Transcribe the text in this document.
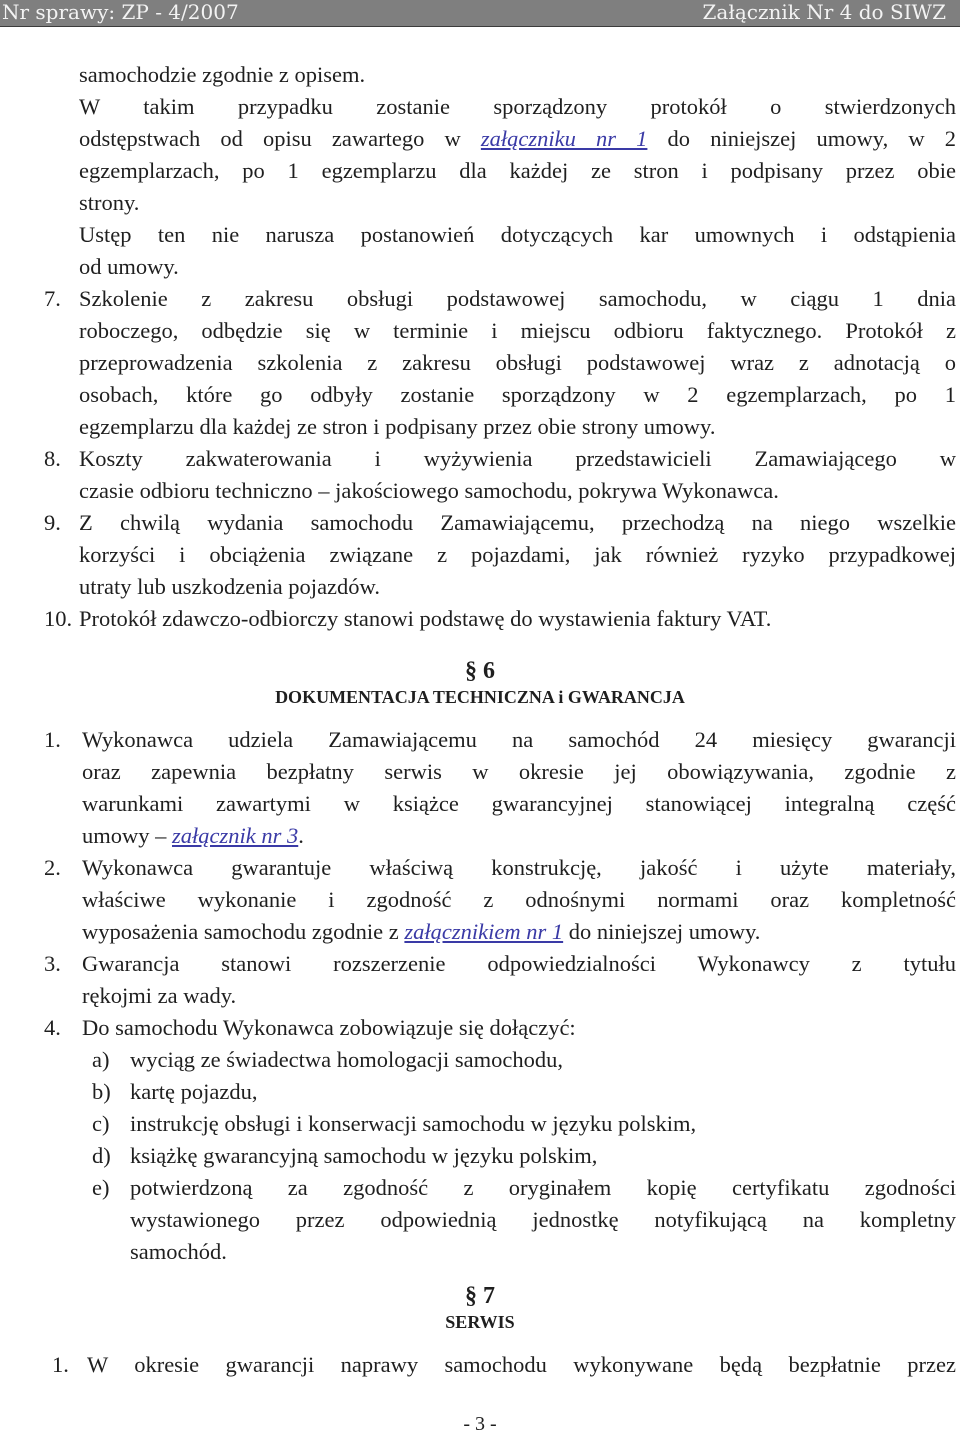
Nr sprawy: ZP - 4/2007	Załącznik Nr 4 do SIWZ

samochodzie zgodnie z opisem.

W takim przypadku zostanie sporządzony protokół o stwierdzonych

odstępstwach od opisu zawartego w załączniku nr 1 do niniejszej umowy, w 2

egzemplarzach, po 1 egzemplarzu dla każdej ze stron i podpisany przez obie

strony.

Ustęp ten nie narusza postanowień dotyczących kar umownych i odstąpienia

od umowy.

7. Szkolenie z zakresu obsługi podstawowej samochodu, w ciągu 1 dnia

roboczego, odbędzie się w terminie i miejscu odbioru faktycznego. Protokół z

przeprowadzenia szkolenia z zakresu obsługi podstawowej wraz z adnotacją o

osobach, które go odbyły zostanie sporządzony w 2 egzemplarzach, po 1

egzemplarzu dla każdej ze stron i podpisany przez obie strony umowy.

8. Koszty zakwaterowania i wyżywienia przedstawicieli Zamawiającego w

czasie odbioru techniczno – jakościowego samochodu, pokrywa Wykonawca.

9. Z chwilą wydania samochodu Zamawiającemu, przechodzą na niego wszelkie

korzyści i obciążenia związane z pojazdami, jak również ryzyko przypadkowej

utraty lub uszkodzenia pojazdów.

10. Protokół zdawczo-odbiorczy stanowi podstawę do wystawienia faktury VAT.

§ 6

DOKUMENTACJA TECHNICZNA i GWARANCJA

1. Wykonawca udziela Zamawiającemu na samochód 24 miesięcy gwarancji

oraz zapewnia bezpłatny serwis w okresie jej obowiązywania, zgodnie z

warunkami zawartymi w książce gwarancyjnej stanowiącej integralną część

umowy – załącznik nr 3.

2. Wykonawca gwarantuje właściwą konstrukcję, jakość i użyte materiały,

właściwe wykonanie i zgodność z odnośnymi normami oraz kompletność

wyposażenia samochodu zgodnie z załącznikiem nr 1 do niniejszej umowy.

3. Gwarancja stanowi rozszerzenie odpowiedzialności Wykonawcy z tytułu

rękojmi za wady.

4. Do samochodu Wykonawca zobowiązuje się dołączyć:
a) wyciąg ze świadectwa homologacji samochodu,
b) kartę pojazdu,
c) instrukcję obsługi i konserwacji samochodu w języku polskim,
d) książkę gwarancyjną samochodu w języku polskim,
e) potwierdzoną za zgodność z oryginałem kopię certyfikatu zgodności

wystawionego przez odpowiednią jednostkę notyfikującą na kompletny

samochód.

§ 7

SERWIS

1. W okresie gwarancji naprawy samochodu wykonywane będą bezpłatnie przez
- 3 -
